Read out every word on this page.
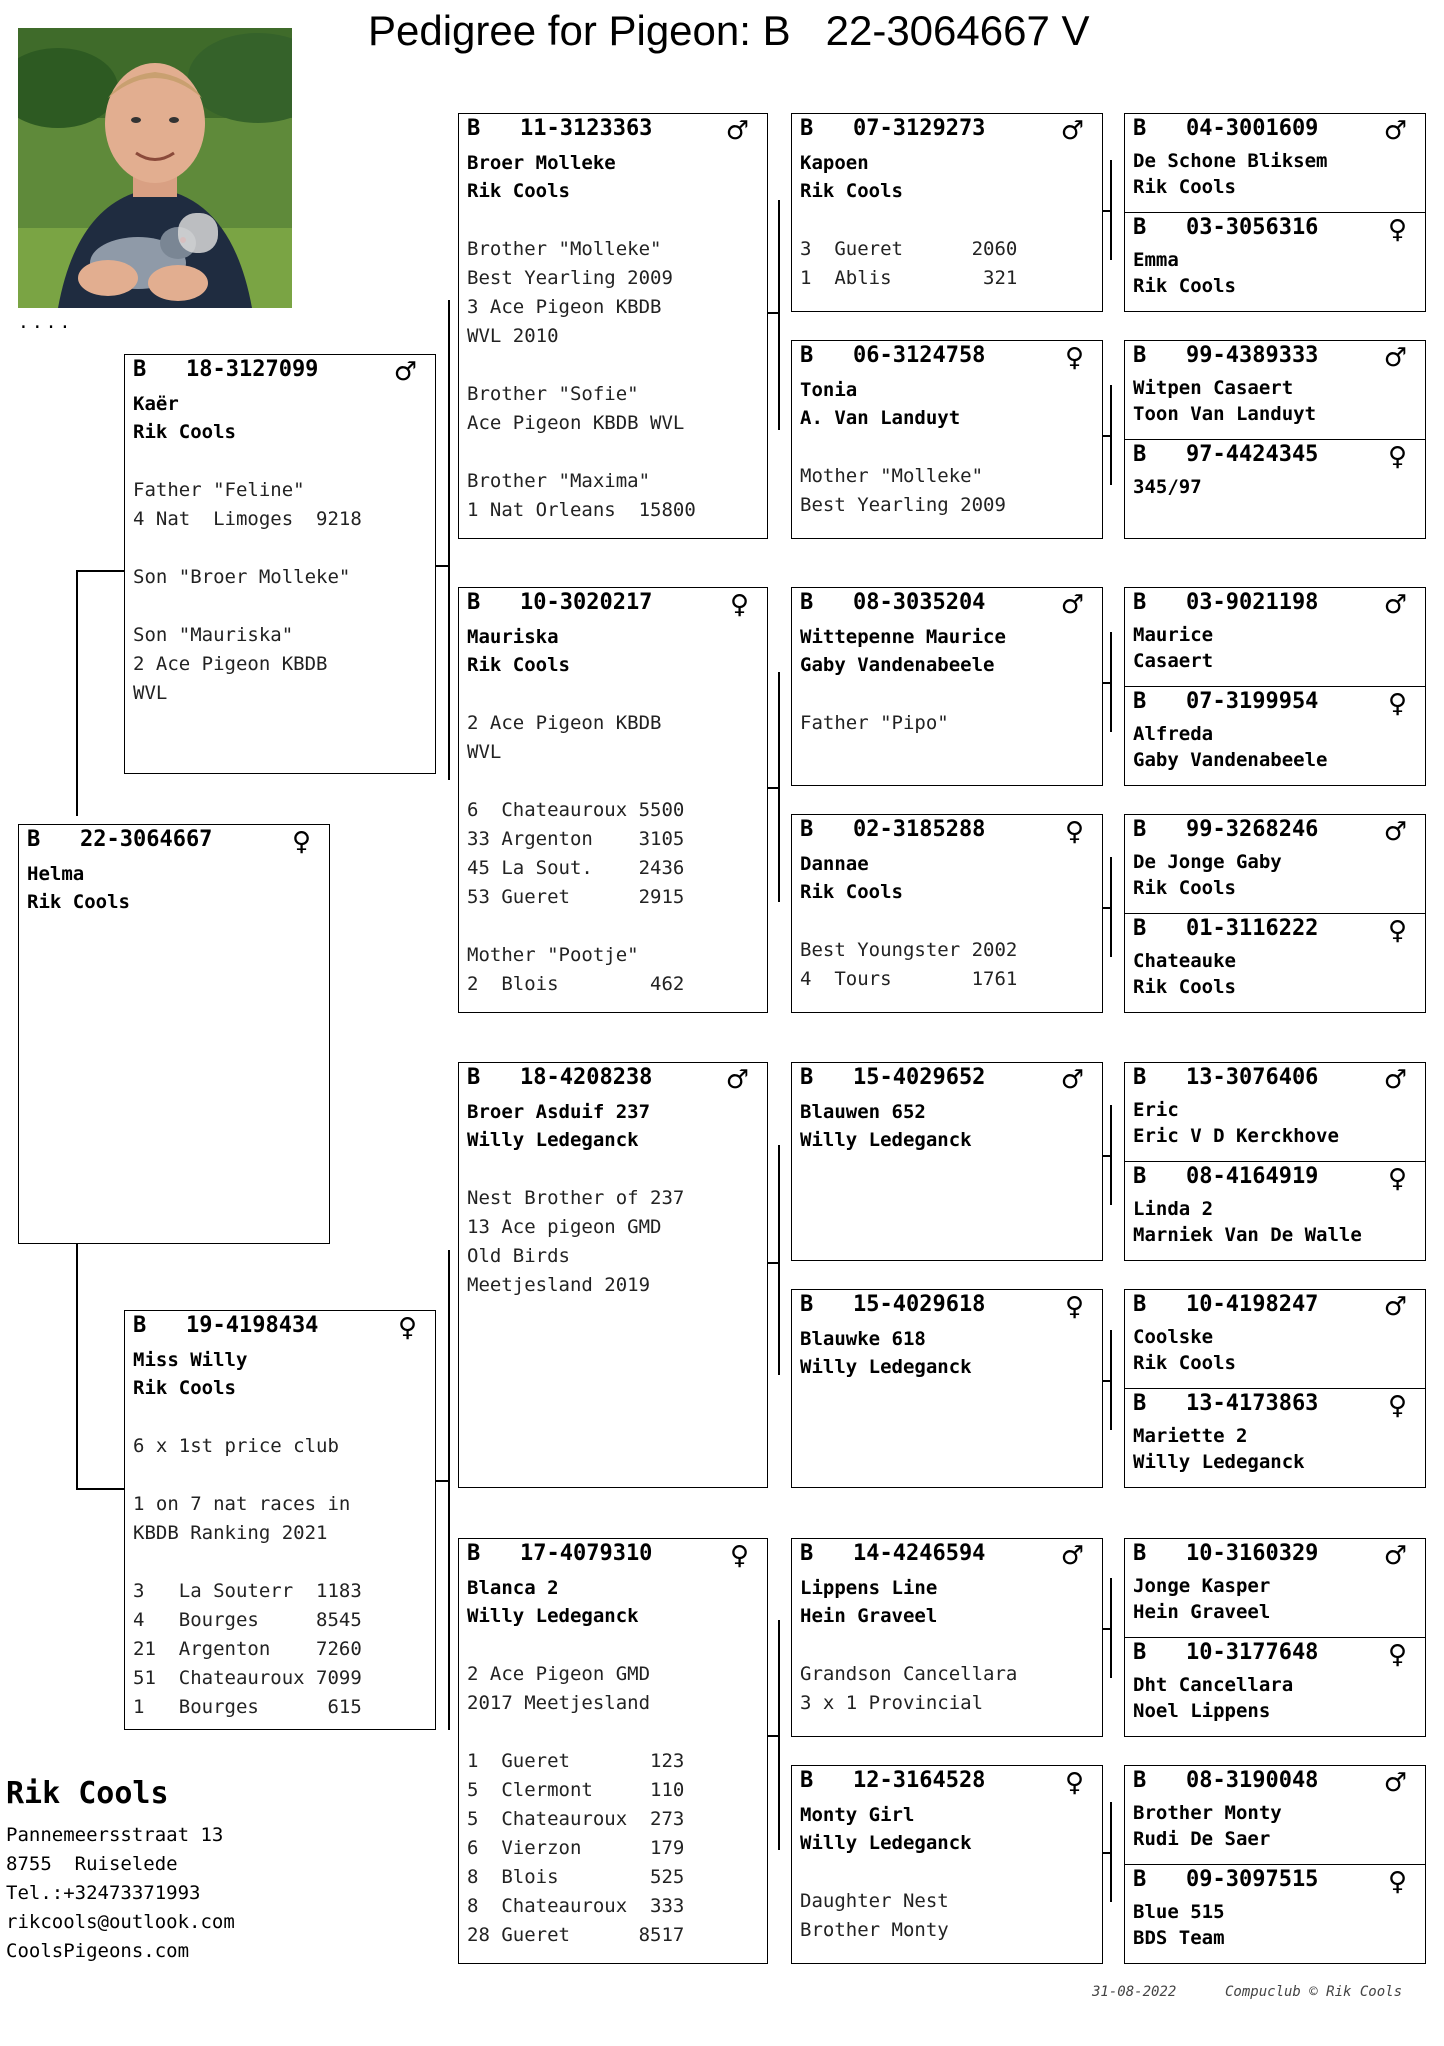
Pedigree for Pigeon: B   22-3064667 V
....
B   22-3064667	♀
Helma
Rik Cools
B   18-3127099	♂
Kaër
Rik Cools
Father "Feline"
4 Nat  Limoges  9218
Son "Broer Molleke"
Son "Mauriska"
2 Ace Pigeon KBDB
WVL
B   19-4198434	♀
Miss Willy
Rik Cools
6 x 1st price club
1 on 7 nat races in
KBDB Ranking 2021
3   La Souterr  1183
4   Bourges     8545
21  Argenton    7260
51  Chateauroux 7099
1   Bourges      615
B   11-3123363	♂
Broer Molleke
Rik Cools
Brother "Molleke"
Best Yearling 2009
3 Ace Pigeon KBDB
WVL 2010
Brother "Sofie"
Ace Pigeon KBDB WVL
Brother "Maxima"
1 Nat Orleans  15800
B   10-3020217	♀
Mauriska
Rik Cools
2 Ace Pigeon KBDB
WVL
6  Chateauroux 5500
33 Argenton    3105
45 La Sout.    2436
53 Gueret      2915
Mother "Pootje"
2  Blois        462
B   18-4208238	♂
Broer Asduif 237
Willy Ledeganck
Nest Brother of 237
13 Ace pigeon GMD
Old Birds
Meetjesland 2019
B   17-4079310	♀
Blanca 2
Willy Ledeganck
2 Ace Pigeon GMD
2017 Meetjesland
1  Gueret       123
5  Clermont     110
5  Chateauroux  273
6  Vierzon      179
8  Blois        525
8  Chateauroux  333
28 Gueret      8517
B   07-3129273	♂
Kapoen
Rik Cools
3  Gueret      2060
1  Ablis        321
B   06-3124758	♀
Tonia
A. Van Landuyt
Mother "Molleke"
Best Yearling 2009
B   08-3035204	♂
Wittepenne Maurice
Gaby Vandenabeele
Father "Pipo"
B   02-3185288	♀
Dannae
Rik Cools
Best Youngster 2002
4  Tours       1761
B   15-4029652	♂
Blauwen 652
Willy Ledeganck
B   15-4029618	♀
Blauwke 618
Willy Ledeganck
B   14-4246594	♂
Lippens Line
Hein Graveel
Grandson Cancellara
3 x 1 Provincial
B   12-3164528	♀
Monty Girl
Willy Ledeganck
Daughter Nest
Brother Monty
B   04-3001609	♂
De Schone Bliksem
Rik Cools
B   03-3056316	♀
Emma
Rik Cools
B   99-4389333	♂
Witpen Casaert
Toon Van Landuyt
B   97-4424345	♀
345/97
B   03-9021198	♂
Maurice
Casaert
B   07-3199954	♀
Alfreda
Gaby Vandenabeele
B   99-3268246	♂
De Jonge Gaby
Rik Cools
B   01-3116222	♀
Chateauke
Rik Cools
B   13-3076406	♂
Eric
Eric V D Kerckhove
B   08-4164919	♀
Linda 2
Marniek Van De Walle
B   10-4198247	♂
Coolske
Rik Cools
B   13-4173863	♀
Mariette 2
Willy Ledeganck
B   10-3160329	♂
Jonge Kasper
Hein Graveel
B   10-3177648	♀
Dht Cancellara
Noel Lippens
B   08-3190048	♂
Brother Monty
Rudi De Saer
B   09-3097515	♀
Blue 515
BDS Team
Rik Cools
Pannemeersstraat 13
8755  Ruiselede
Tel.:+32473371993
rikcools@outlook.com
CoolsPigeons.com
31-08-2022	Compuclub © Rik Cools
